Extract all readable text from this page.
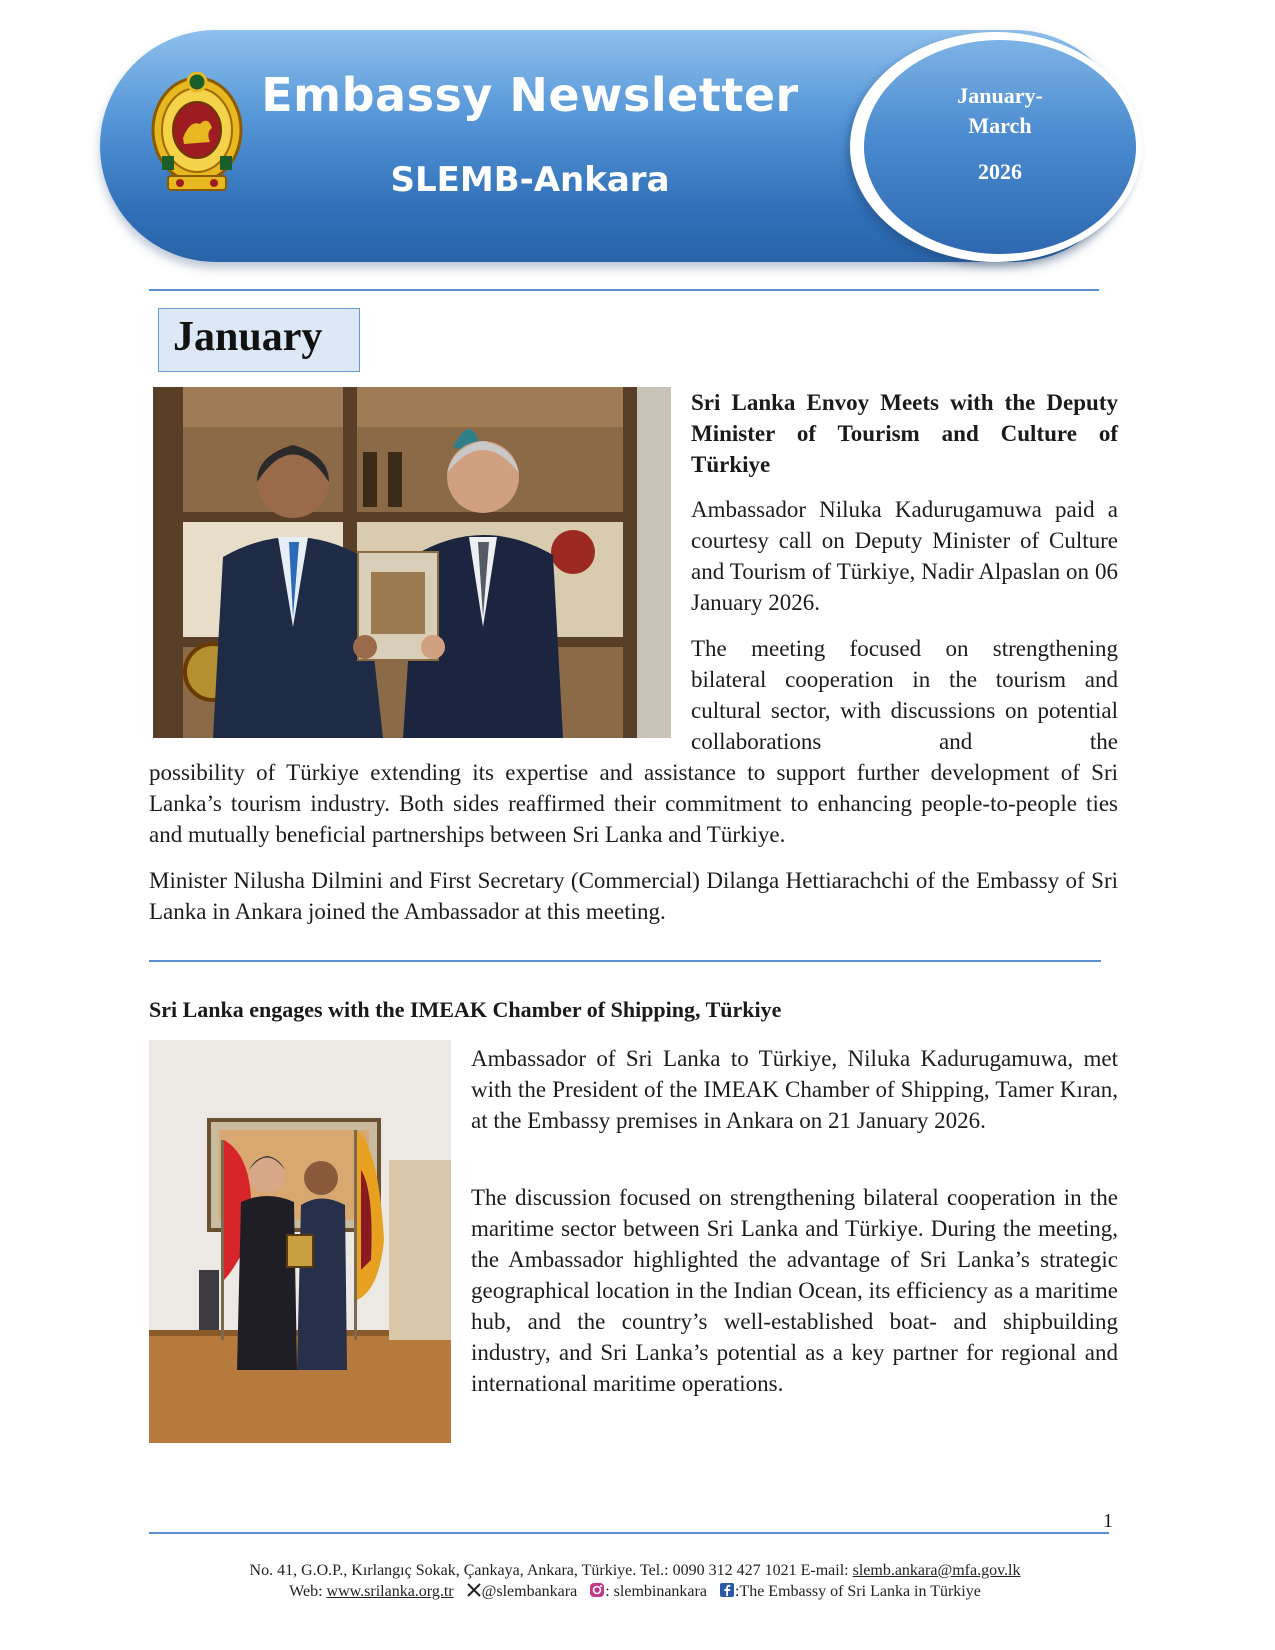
Embassy Newsletter
SLEMB-Ankara
January-
March
2026
January
Sri Lanka Envoy Meets with the Deputy Minister of Tourism and Culture of Türkiye
Ambassador Niluka Kadurugamuwa paid a courtesy call on Deputy Minister of Culture and Tourism of Türkiye, Nadir Alpaslan on 06 January 2026.
The meeting focused on strengthening bilateral cooperation in the tourism and cultural sector, with discussions on potential collaborations and the
possibility of Türkiye extending its expertise and assistance to support further development of Sri Lanka’s tourism industry. Both sides reaffirmed their commitment to enhancing people-to-people ties and mutually beneficial partnerships between Sri Lanka and Türkiye.
Minister Nilusha Dilmini and First Secretary (Commercial) Dilanga Hettiarachchi of the Embassy of Sri Lanka in Ankara joined the Ambassador at this meeting.
Sri Lanka engages with the IMEAK Chamber of Shipping, Türkiye
Ambassador of Sri Lanka to Türkiye, Niluka Kadurugamuwa, met with the President of the IMEAK Chamber of Shipping, Tamer Kıran, at the Embassy premises in Ankara on 21 January 2026.
The discussion focused on strengthening bilateral cooperation in the maritime sector between Sri Lanka and Türkiye. During the meeting, the Ambassador highlighted the advantage of Sri Lanka’s strategic geographical location in the Indian Ocean, its efficiency as a maritime hub, and the country’s well-established boat- and shipbuilding industry, and Sri Lanka’s potential as a key partner for regional and international maritime operations.
1
No. 41, G.O.P., Kırlangıç Sokak, Çankaya, Ankara, Türkiye. Tel.: 0090 312 427 1021 E-mail: slemb.ankara@mfa.gov.lk
Web: www.srilanka.org.tr @slembankara : slembinankara :The Embassy of Sri Lanka in Türkiye
